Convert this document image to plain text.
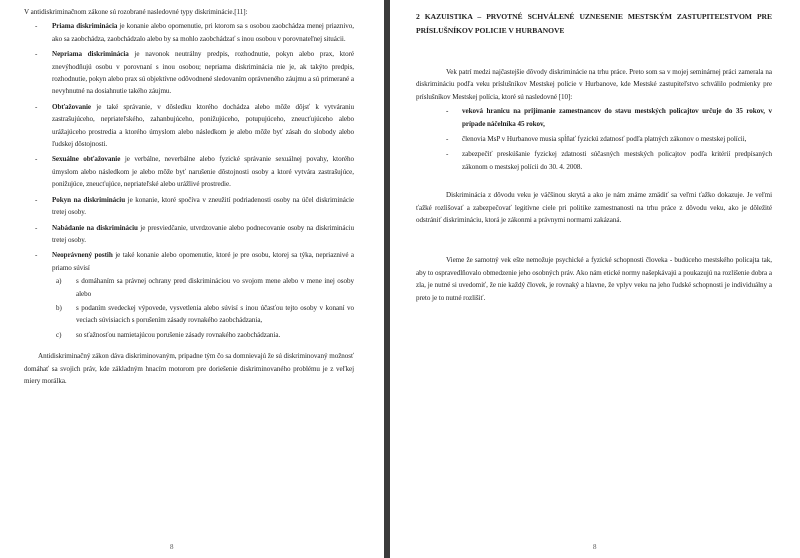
V antidiskriminačnom zákone sú rozobrané nasledovné typy diskriminácie.[11]:

- Priama diskriminácia je konanie alebo opomenutie, pri ktorom sa s osobou zaobchádza menej priaznivo, ako sa zaobchádza, zaobchádzalo alebo by sa mohlo zaobchádzať s inou osobou v porovnateľnej situácii.
- Nepriama diskriminácia je navonok neutrálny predpis, rozhodnutie, pokyn alebo prax, ktoré znevýhodňujú osobu v porovnaní s inou osobou; nepriama diskriminácia nie je, ak takýto predpis, rozhodnutie, pokyn alebo prax sú objektívne odôvodnené sledovaním oprávneného záujmu a sú primerané a nevyhnutné na dosiahnutie takého záujmu.
- Obťažovanie je také správanie, v dôsledku ktorého dochádza alebo môže dôjsť k vytváraniu zastrašujúceho, nepriateľského, zahanbujúceho, ponižujúceho, potupujúceho, zneucťujúceho alebo urážajúceho prostredia a ktorého úmyslom alebo následkom je alebo môže byť zásah do slobody alebo ľudskej dôstojnosti.
- Sexuálne obťažovanie je verbálne, neverbálne alebo fyzické správanie sexuálnej povahy, ktorého úmyslom alebo následkom je alebo môže byť narušenie dôstojnosti osoby a ktoré vytvára zastrašujúce, ponižujúce, zneucťujúce, nepriateľské alebo urážlivé prostredie.
- Pokyn na diskrimináciu je konanie, ktoré spočíva v zneužití podriadenosti osoby na účel diskriminácie tretej osoby.
- Nabádanie na diskrimináciu je presviedčanie, utvrdzovanie alebo podnecovanie osoby na diskrimináciu tretej osoby.
- Neoprávnený postih je také konanie alebo opomenutie, ktoré je pre osobu, ktorej sa týka, nepriaznivé a priamo súvisí
a) s domáhaním sa právnej ochrany pred diskrimináciou vo svojom mene alebo v mene inej osoby alebo
b) s podaním svedeckej výpovede, vysvetlenia alebo súvisí s inou účasťou tejto osoby v konaní vo veciach súvisiacich s porušením zásady rovnakého zaobchádzania,
c) so sťažnosťou namietajúcou porušenie zásady rovnakého zaobchádzania.

Antidiskriminačný zákon dáva diskriminovaným, pripadne tým čo sa domnievajú že sú diskriminovaný možnosť domáhať sa svojich práv, kde základným hnacím motorom pre doriešenie diskriminovaného problému je z veľkej miery morálka.

8

2 KAZUISTIKA – PRVOTNÉ SCHVÁLENÉ UZNESENIE MESTSKÝM ZASTUPITEĽSTVOM PRE PRÍSLUŠNÍKOV POLICIE V HURBANOVE

Vek patrí medzi najčastejšie dôvody diskriminácie na trhu práce. Preto som sa v mojej seminárnej práci zamerala na diskrimináciu podľa veku príslušníkov Mestskej polície v Hurbanove, kde Mestské zastupiteľstvo schválilo podmienky pre príslušníkov Mestskej polícia, ktoré sú nasledovné [10]:

- veková hranicu na prijímanie zamestnancov do stavu mestských policajtov určuje do 35 rokov, v prípade náčelníka 45 rokov,
- členovia MsP v Hurbanove musia spĺňať fyzickú zdatnosť podľa platných zákonov o mestskej polícii,
- zabezpečiť preskúšanie fyzickej zdatnosti súčasných mestských policajtov podľa kritérií predpísaných zákonom o mestskej polícii do 30. 4. 2008.

Diskriminácia z dôvodu veku je väčšinou skrytá a ako je nám známe zmädiť sa veľmi ťažko dokazuje. Je veľmi ťažké rozlišovať a zabezpečovať legitívne ciele pri politike zamestnanosti na trhu práce z dôvodu veku, ako je dôležité odstrániť diskrimináciu, ktorá je zákonmi a právnymi normami zakázaná.

Vieme že samotný vek ešte nemožuje psychické a fyzické schopnosti človeka - budúceho mestského policajta tak, aby to ospravedlňovalo obmedzenie jeho osobných práv. Ako nám etické normy našepkávajú a poukazujú na rozlišenie dobra a zla, je nutné si uvedomiť, že nie každý človek, je rovnaký a hlavne, že vplyv veku na jeho ľudské schopnosti je individuálny a preto je to nutné rozlišiť.

8
